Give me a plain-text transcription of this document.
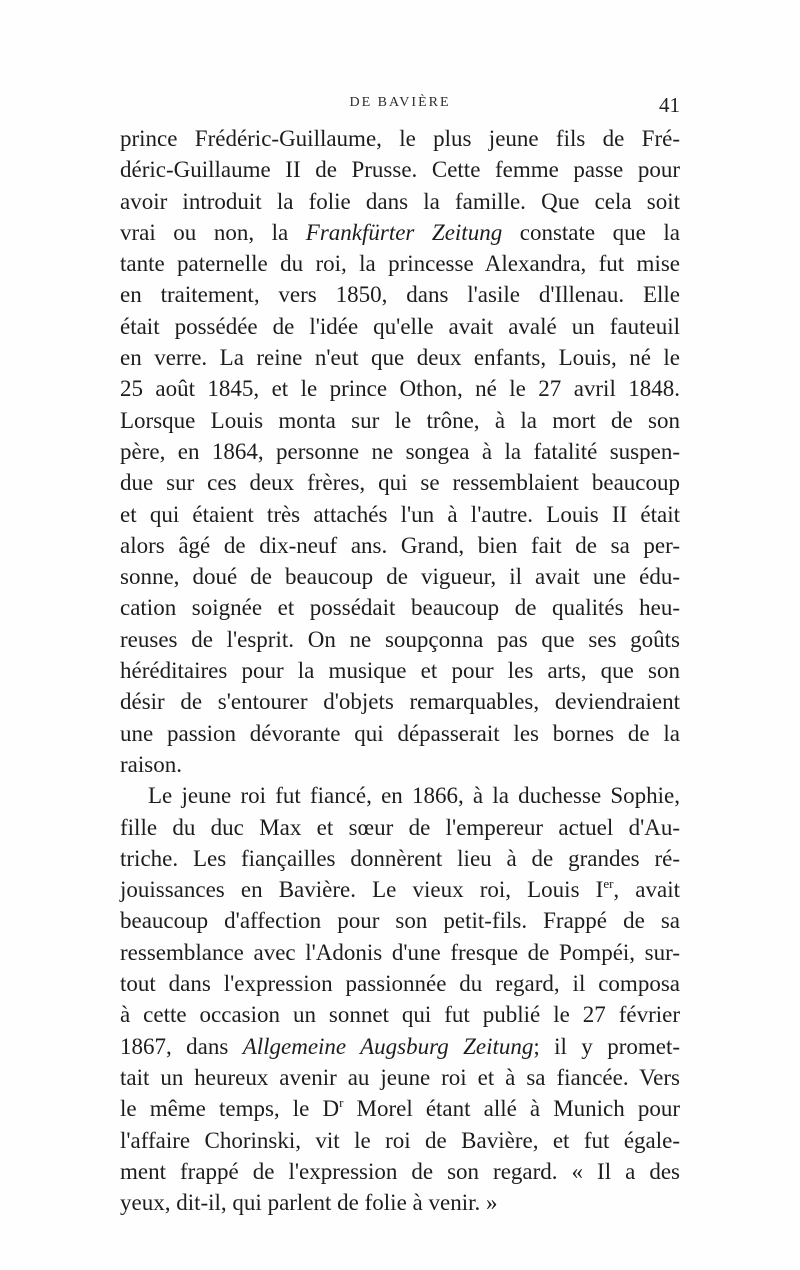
DE BAVIÈRE	41
prince Frédéric-Guillaume, le plus jeune fils de Fré-
déric-Guillaume II de Prusse. Cette femme passe pour
avoir introduit la folie dans la famille. Que cela soit
vrai ou non, la Frankfürter Zeitung constate que la
tante paternelle du roi, la princesse Alexandra, fut mise
en traitement, vers 1850, dans l'asile d'Illenau. Elle
était possédée de l'idée qu'elle avait avalé un fauteuil
en verre. La reine n'eut que deux enfants, Louis, né le
25 août 1845, et le prince Othon, né le 27 avril 1848.
Lorsque Louis monta sur le trône, à la mort de son
père, en 1864, personne ne songea à la fatalité suspen-
due sur ces deux frères, qui se ressemblaient beaucoup
et qui étaient très attachés l'un à l'autre. Louis II était
alors âgé de dix-neuf ans. Grand, bien fait de sa per-
sonne, doué de beaucoup de vigueur, il avait une édu-
cation soignée et possédait beaucoup de qualités heu-
reuses de l'esprit. On ne soupçonna pas que ses goûts
héréditaires pour la musique et pour les arts, que son
désir de s'entourer d'objets remarquables, deviendraient
une passion dévorante qui dépasserait les bornes de la
raison.
Le jeune roi fut fiancé, en 1866, à la duchesse Sophie,
fille du duc Max et sœur de l'empereur actuel d'Au-
triche. Les fiançailles donnèrent lieu à de grandes ré-
jouissances en Bavière. Le vieux roi, Louis Ier, avait
beaucoup d'affection pour son petit-fils. Frappé de sa
ressemblance avec l'Adonis d'une fresque de Pompéi, sur-
tout dans l'expression passionnée du regard, il composa
à cette occasion un sonnet qui fut publié le 27 février
1867, dans Allgemeine Augsburg Zeitung; il y promet-
tait un heureux avenir au jeune roi et à sa fiancée. Vers
le même temps, le $D^r$ Morel étant allé à Munich pour
l'affaire Chorinski, vit le roi de Bavière, et fut égale-
ment frappé de l'expression de son regard. « Il a des
yeux, dit-il, qui parlent de folie à venir. »
